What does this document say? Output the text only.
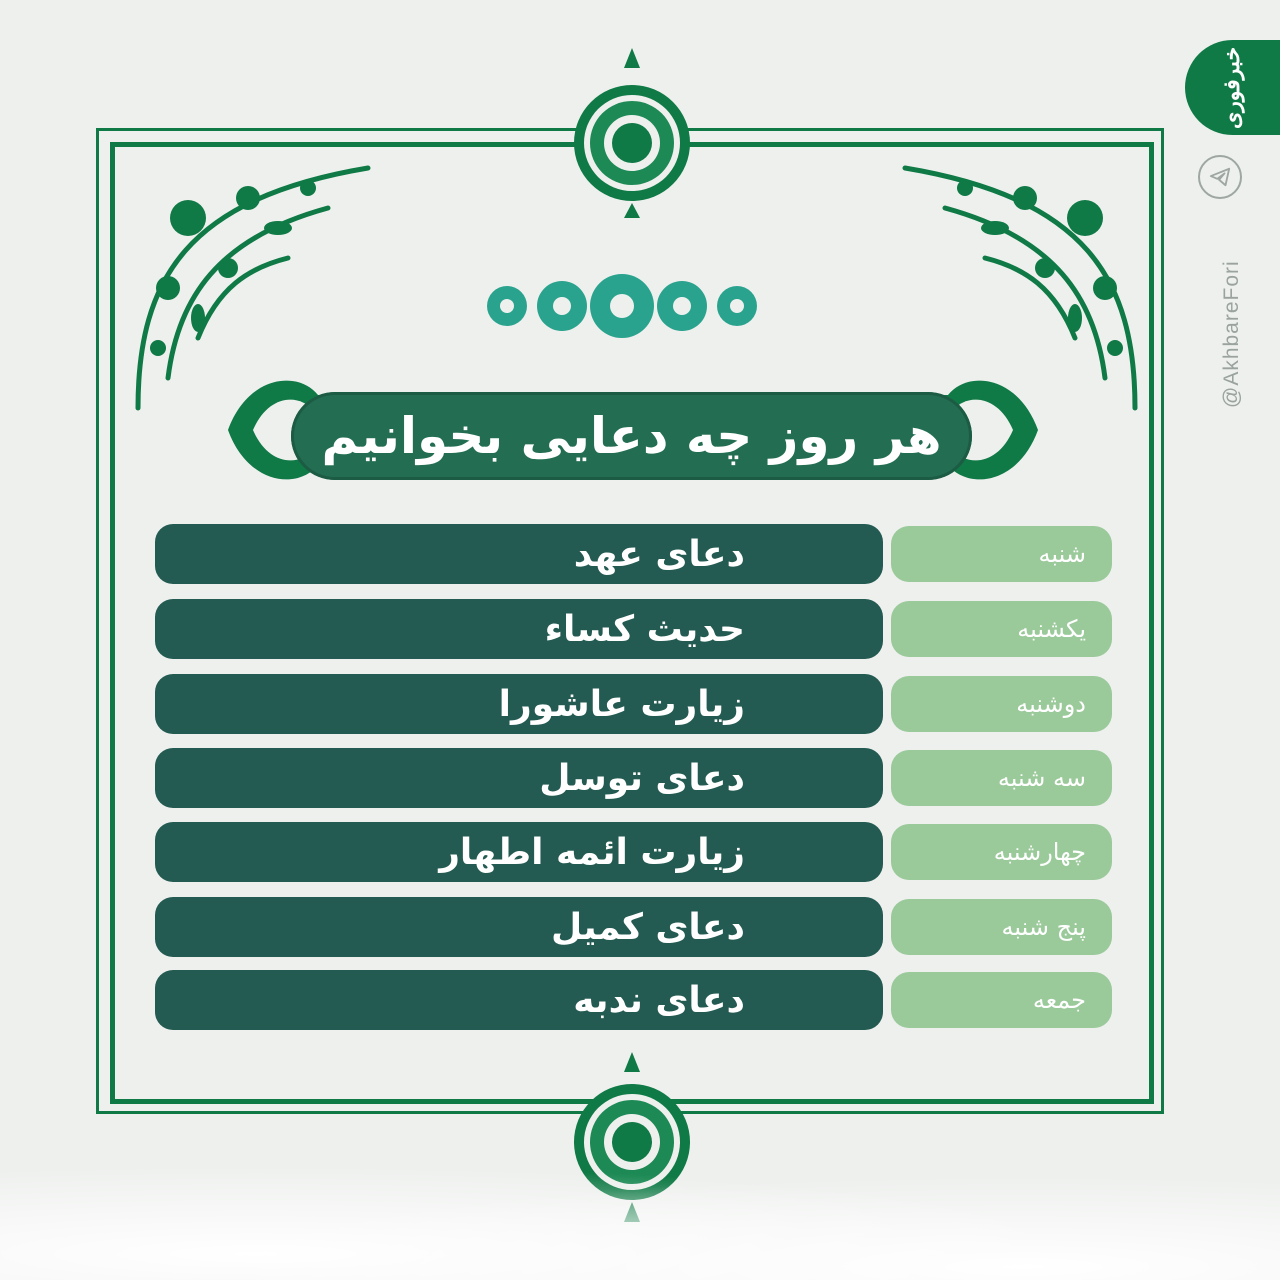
خبرفوری
@AkhbareFori
هر روز چه دعایی بخوانیم
دعای عهد	شنبه
حدیث کساء	یکشنبه
زیارت عاشورا	دوشنبه
دعای توسل	سه شنبه
زیارت ائمه اطهار	چهارشنبه
دعای کمیل	پنج شنبه
دعای ندبه	جمعه
